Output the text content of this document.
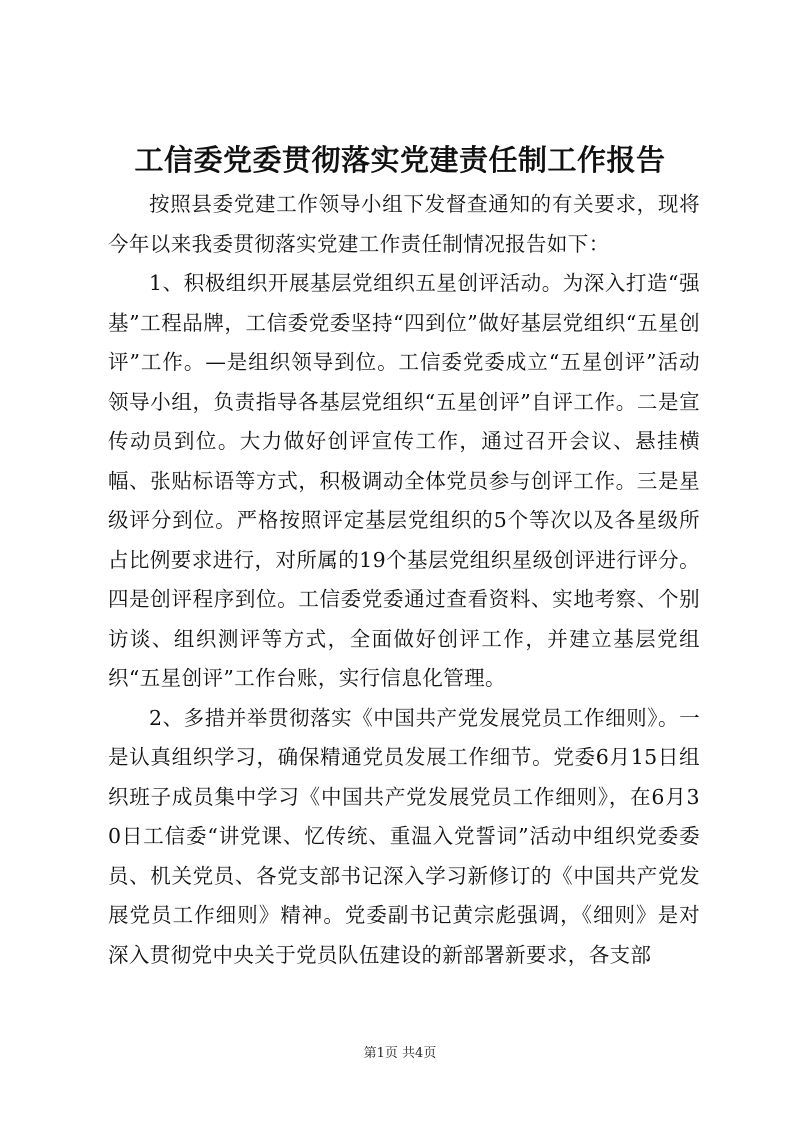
工信委党委贯彻落实党建责任制工作报告

按照县委党建工作领导小组下发督查通知的有关要求，现将今年以来我委贯彻落实党建工作责任制情况报告如下：

1、积极组织开展基层党组织五星创评活动。为深入打造“强基”工程品牌，工信委党委坚持“四到位”做好基层党组织“五星创评”工作。—是组织领导到位。工信委党委成立“五星创评”活动领导小组，负责指导各基层党组织“五星创评”自评工作。二是宣传动员到位。大力做好创评宣传工作，通过召开会议、悬挂横幅、张贴标语等方式，积极调动全体党员参与创评工作。三是星级评分到位。严格按照评定基层党组织的5个等次以及各星级所占比例要求进行，对所属的19个基层党组织星级创评进行评分。四是创评程序到位。工信委党委通过查看资料、实地考察、个别访谈、组织测评等方式，全面做好创评工作，并建立基层党组织“五星创评”工作台账，实行信息化管理。

2、多措并举贯彻落实《中国共产党发展党员工作细则》。一是认真组织学习，确保精通党员发展工作细节。党委6月15日组织班子成员集中学习《中国共产党发展党员工作细则》，在6月30日工信委“讲党课、忆传统、重温入党誓词”活动中组织党委委员、机关党员、各党支部书记深入学习新修订的《中国共产党发展党员工作细则》精神。党委副书记黄宗彪强调，《细则》是对深入贯彻党中央关于党员队伍建设的新部署新要求，各支部

第1页 共4页
